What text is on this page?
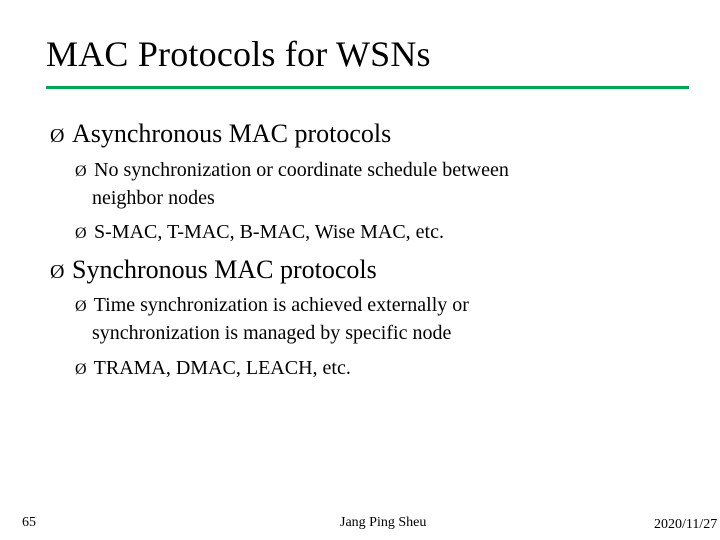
MAC Protocols for WSNs
Ø Asynchronous MAC protocols
Ø No synchronization or coordinate schedule between
neighbor nodes
Ø S-MAC, T-MAC, B-MAC, Wise MAC, etc.
Ø Synchronous MAC protocols
Ø Time synchronization is achieved externally or
synchronization is managed by specific node
Ø TRAMA, DMAC, LEACH, etc.
65	Jang Ping Sheu	2020/11/27
